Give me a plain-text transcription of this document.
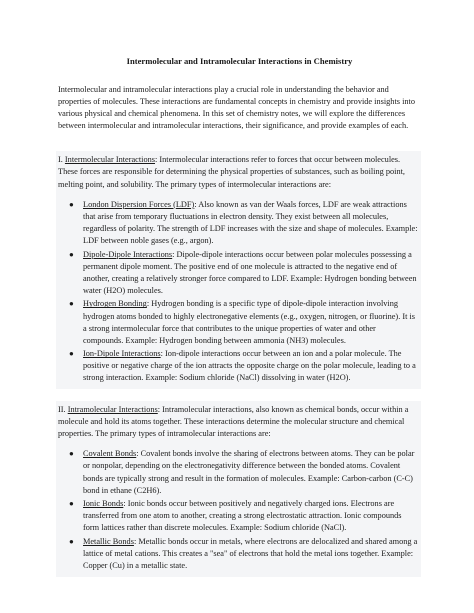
Intermolecular and Intramolecular Interactions in Chemistry

Intermolecular and intramolecular interactions play a crucial role in understanding the behavior and properties of molecules. These interactions are fundamental concepts in chemistry and provide insights into various physical and chemical phenomena. In this set of chemistry notes, we will explore the differences between intermolecular and intramolecular interactions, their significance, and provide examples of each.

I. Intermolecular Interactions: Intermolecular interactions refer to forces that occur between molecules. These forces are responsible for determining the physical properties of substances, such as boiling point, melting point, and solubility. The primary types of intermolecular interactions are:

● London Dispersion Forces (LDF): Also known as van der Waals forces, LDF are weak attractions that arise from temporary fluctuations in electron density. They exist between all molecules, regardless of polarity. The strength of LDF increases with the size and shape of molecules. Example: LDF between noble gases (e.g., argon).
● Dipole-Dipole Interactions: Dipole-dipole interactions occur between polar molecules possessing a permanent dipole moment. The positive end of one molecule is attracted to the negative end of another, creating a relatively stronger force compared to LDF. Example: Hydrogen bonding between water (H2O) molecules.
● Hydrogen Bonding: Hydrogen bonding is a specific type of dipole-dipole interaction involving hydrogen atoms bonded to highly electronegative elements (e.g., oxygen, nitrogen, or fluorine). It is a strong intermolecular force that contributes to the unique properties of water and other compounds. Example: Hydrogen bonding between ammonia (NH3) molecules.
● Ion-Dipole Interactions: Ion-dipole interactions occur between an ion and a polar molecule. The positive or negative charge of the ion attracts the opposite charge on the polar molecule, leading to a strong interaction. Example: Sodium chloride (NaCl) dissolving in water (H2O).

II. Intramolecular Interactions: Intramolecular interactions, also known as chemical bonds, occur within a molecule and hold its atoms together. These interactions determine the molecular structure and chemical properties. The primary types of intramolecular interactions are:

● Covalent Bonds: Covalent bonds involve the sharing of electrons between atoms. They can be polar or nonpolar, depending on the electronegativity difference between the bonded atoms. Covalent bonds are typically strong and result in the formation of molecules. Example: Carbon-carbon (C-C) bond in ethane (C2H6).
● Ionic Bonds: Ionic bonds occur between positively and negatively charged ions. Electrons are transferred from one atom to another, creating a strong electrostatic attraction. Ionic compounds form lattices rather than discrete molecules. Example: Sodium chloride (NaCl).
● Metallic Bonds: Metallic bonds occur in metals, where electrons are delocalized and shared among a lattice of metal cations. This creates a "sea" of electrons that hold the metal ions together. Example: Copper (Cu) in a metallic state.
